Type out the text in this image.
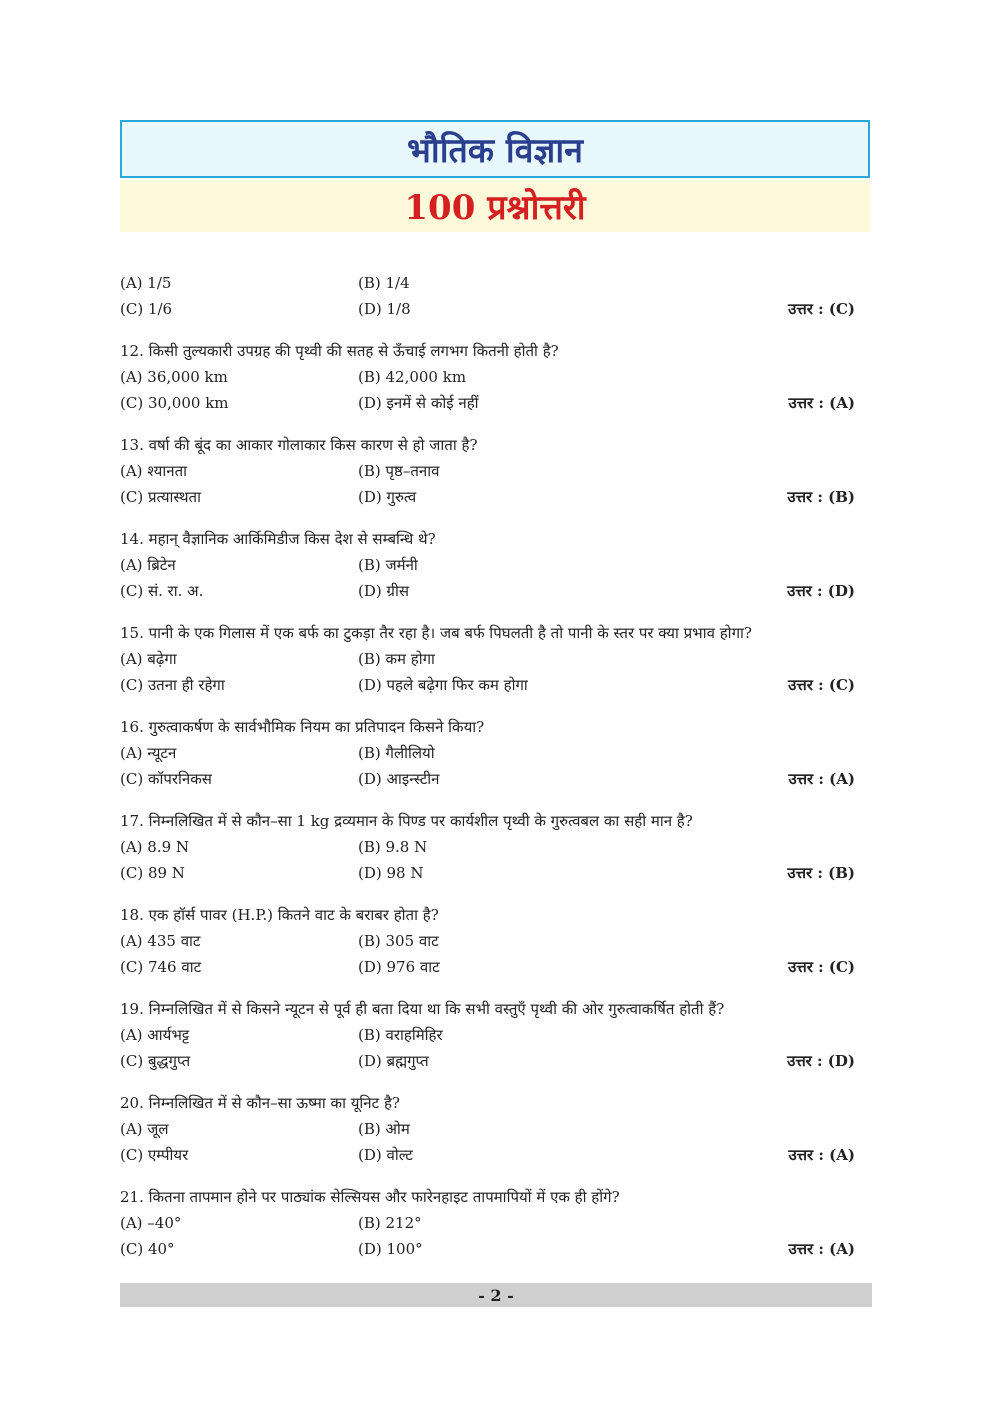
भौतिक विज्ञान
100 प्रश्नोत्तरी
(A) 1/5	(B) 1/4
(C) 1/6	(D) 1/8	उत्तर : (C)
12. किसी तुल्यकारी उपग्रह की पृथ्वी की सतह से ऊँचाई लगभग कितनी होती है?
(A) 36,000 km	(B) 42,000 km
(C) 30,000 km	(D) इनमें से कोई नहीं	उत्तर : (A)
13. वर्षा की बूंद का आकार गोलाकार किस कारण से हो जाता है?
(A) श्यानता	(B) पृष्ठ–तनाव
(C) प्रत्यास्थता	(D) गुरुत्व	उत्तर : (B)
14. महान् वैज्ञानिक आर्किमिडीज किस देश से सम्बन्धि थे?
(A) ब्रिटेन	(B) जर्मनी
(C) सं. रा. अ.	(D) ग्रीस	उत्तर : (D)
15. पानी के एक गिलास में एक बर्फ का टुकड़ा तैर रहा है। जब बर्फ पिघलती है तो पानी के स्तर पर क्या प्रभाव होगा?
(A) बढ़ेगा	(B) कम होगा
(C) उतना ही रहेगा	(D) पहले बढ़ेगा फिर कम होगा	उत्तर : (C)
16. गुरुत्वाकर्षण के सार्वभौमिक नियम का प्रतिपादन किसने किया?
(A) न्यूटन	(B) गैलीलियो
(C) कॉपरनिकस	(D) आइन्स्टीन	उत्तर : (A)
17. निम्नलिखित में से कौन–सा 1 kg द्रव्यमान के पिण्ड पर कार्यशील पृथ्वी के गुरुत्वबल का सही मान है?
(A) 8.9 N	(B) 9.8 N
(C) 89 N	(D) 98 N	उत्तर : (B)
18. एक हॉर्स पावर (H.P.) कितने वाट के बराबर होता है?
(A) 435 वाट	(B) 305 वाट
(C) 746 वाट	(D) 976 वाट	उत्तर : (C)
19. निम्नलिखित में से किसने न्यूटन से पूर्व ही बता दिया था कि सभी वस्तुएँ पृथ्वी की ओर गुरुत्वाकर्षित होती हैं?
(A) आर्यभट्ट	(B) वराहमिहिर
(C) बुद्धगुप्त	(D) ब्रह्मगुप्त	उत्तर : (D)
20. निम्नलिखित में से कौन–सा ऊष्मा का यूनिट है?
(A) जूल	(B) ओम
(C) एम्पीयर	(D) वोल्ट	उत्तर : (A)
21. कितना तापमान होने पर पाठ्यांक सेल्सियस और फारेनहाइट तापमापियों में एक ही होंगे?
(A) –40°	(B) 212°
(C) 40°	(D) 100°	उत्तर : (A)
- 2 -
